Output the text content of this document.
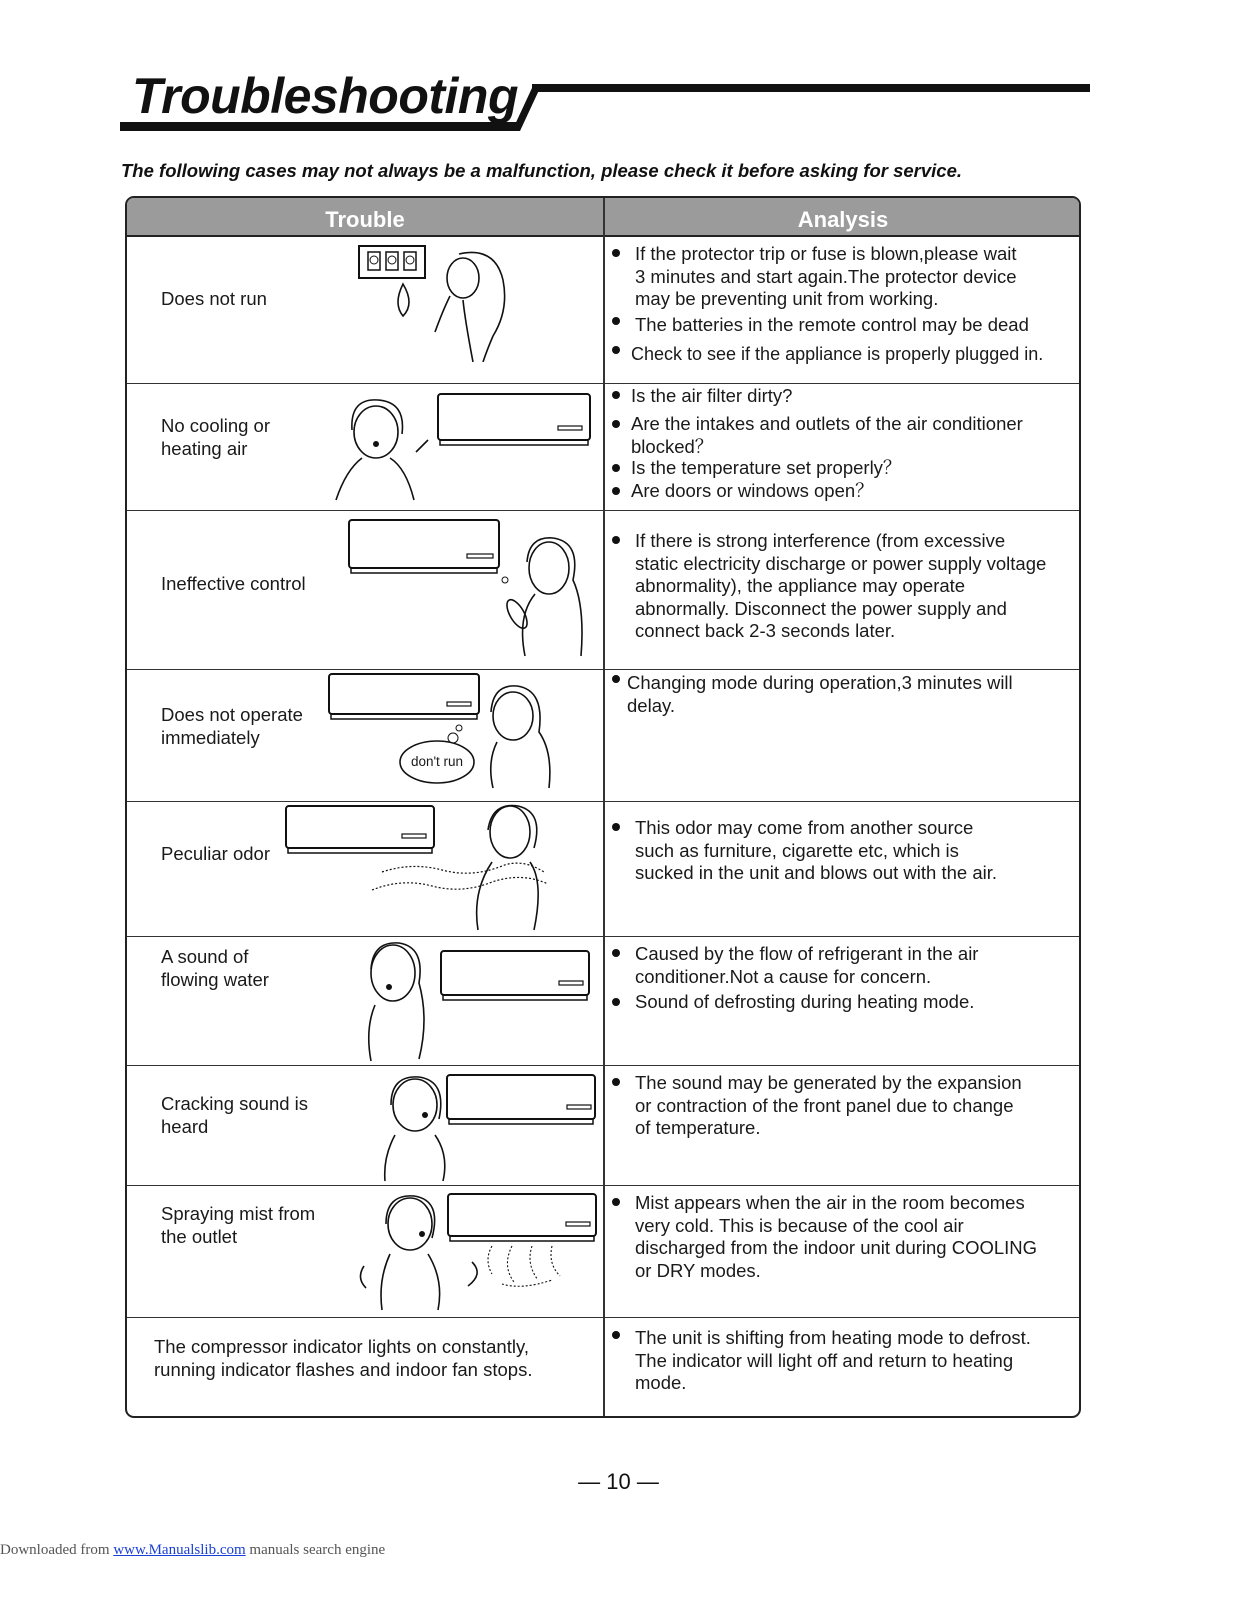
Troubleshooting
The following cases may not always be a malfunction, please check it before asking for service.
Trouble	Analysis
Does not run
If the protector trip or fuse is blown,please wait
3 minutes and start again.The protector device
may be preventing unit from working.
The batteries in the remote control may be dead
Check to see if the appliance is properly plugged in.
No cooling or
heating air
Is the air filter dirty?
Are the intakes and outlets of the air conditioner
blocked？
Is the temperature set properly？
Are doors or windows open？
Ineffective control
If there is strong interference (from excessive
static electricity discharge or power supply voltage
abnormality), the appliance may operate
abnormally. Disconnect the power supply and
connect back 2-3 seconds later.
Does not operate
immediately
don't run
Changing mode during operation,3 minutes will
delay.
Peculiar odor
This odor may come from another source
such as furniture, cigarette etc, which is
sucked in the unit and blows out with the air.
A sound of
flowing water
Caused by the flow of refrigerant in the air
conditioner.Not a cause for concern.
Sound of defrosting during heating mode.
Cracking sound is
heard
The sound may be generated by the expansion
or contraction of the front panel due to change
of temperature.
Spraying mist from
the outlet
Mist appears when the air in the room becomes
very cold. This is because of the cool air
discharged from the indoor unit during COOLING
or DRY modes.
The compressor indicator lights on constantly,
running indicator flashes and indoor fan stops.
The unit is shifting from heating mode to defrost.
The indicator will light off and return to heating
mode.
— 10 —
Downloaded from www.Manualslib.com manuals search engine
